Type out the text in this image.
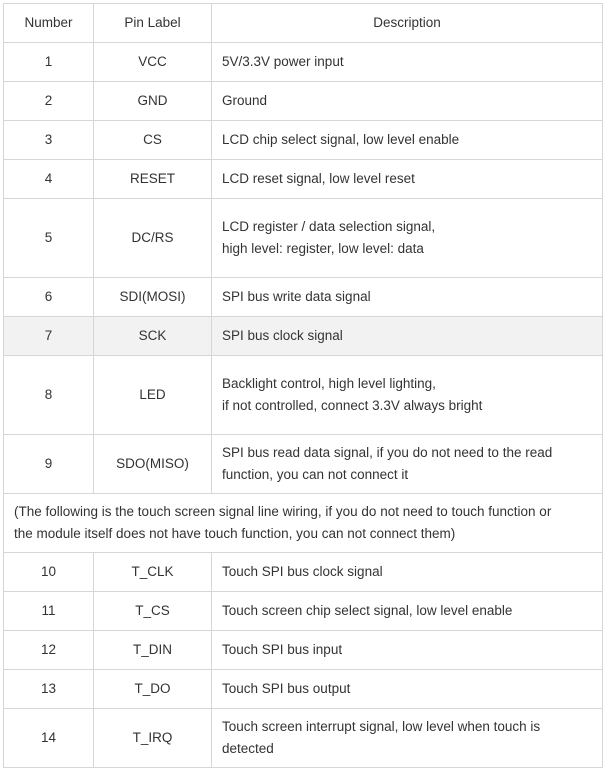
Number	Pin Label	Description
1	VCC	5V/3.3V power input

2	GND	Ground

3	CS	LCD chip select signal, low level enable

4	RESET	LCD reset signal, low level reset

5	DC/RS	LCD register / data selection signal,
high level: register, low level: data

6	SDI(MOSI)	SPI bus write data signal

7	SCK	SPI bus clock signal

8	LED	Backlight control, high level lighting,
if not controlled, connect 3.3V always bright

9	SDO(MISO)	SPI bus read data signal, if you do not need to the read
function, you can not connect it

(The following is the touch screen signal line wiring, if you do not need to touch function or
the module itself does not have touch function, you can not connect them)		

10	T_CLK	Touch SPI bus clock signal

11	T_CS	Touch screen chip select signal, low level enable

12	T_DIN	Touch SPI bus input

13	T_DO	Touch SPI bus output

14	T_IRQ	Touch screen interrupt signal, low level when touch is
detected
